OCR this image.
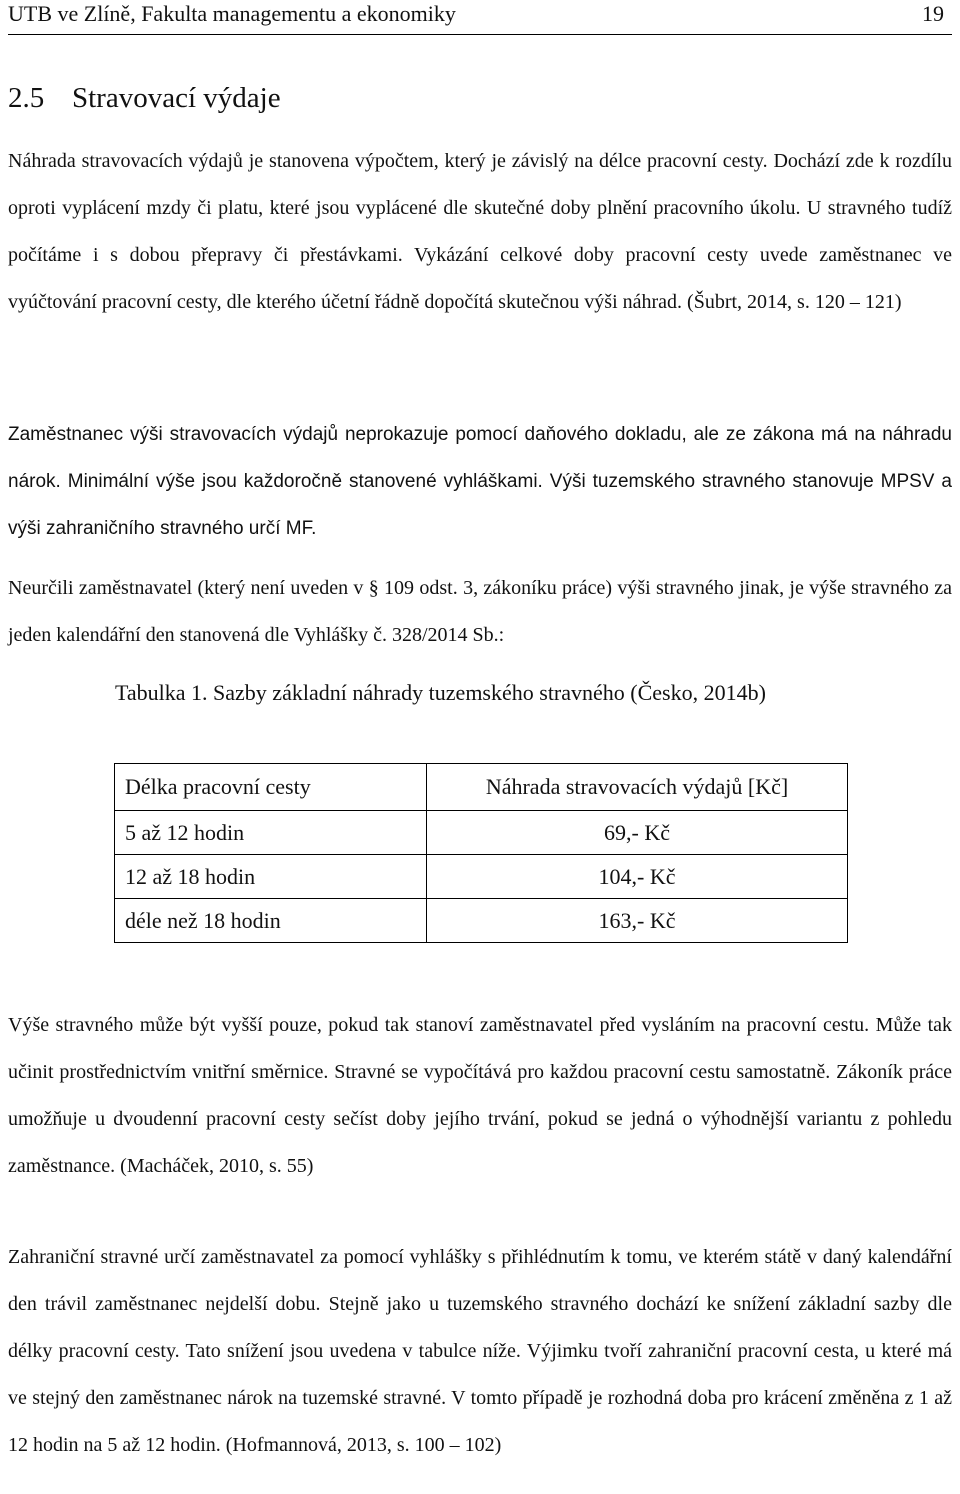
UTB ve Zlíně, Fakulta managementu a ekonomiky	19
2.5 Stravovací výdaje

Náhrada stravovacích výdajů je stanovena výpočtem, který je závislý na délce pracovní cesty. Dochází zde k rozdílu oproti vyplácení mzdy či platu, které jsou vyplácené dle skutečné doby plnění pracovního úkolu. U stravného tudíž počítáme i s dobou přepravy či přestávkami. Vykázání celkové doby pracovní cesty uvede zaměstnanec ve vyúčtování pracovní cesty, dle kterého účetní řádně dopočítá skutečnou výši náhrad. (Šubrt, 2014, s. 120 – 121)

Zaměstnanec výši stravovacích výdajů neprokazuje pomocí daňového dokladu, ale ze zákona má na náhradu nárok. Minimální výše jsou každoročně stanovené vyhláškami. Výši tuzemského stravného stanovuje MPSV a výši zahraničního stravného určí MF.

Neurčili zaměstnavatel (který není uveden v § 109 odst. 3, zákoníku práce) výši stravného jinak, je výše stravného za jeden kalendářní den stanovená dle Vyhlášky č. 328/2014 Sb.:

Tabulka 1. Sazby základní náhrady tuzemského stravného (Česko, 2014b)

Délka pracovní cesty	Náhrada stravovacích výdajů [Kč]
5 až 12 hodin	69,- Kč
12 až 18 hodin	104,- Kč
déle než 18 hodin	163,- Kč

Výše stravného může být vyšší pouze, pokud tak stanoví zaměstnavatel před vysláním na pracovní cestu. Může tak učinit prostřednictvím vnitřní směrnice. Stravné se vypočítává pro každou pracovní cestu samostatně. Zákoník práce umožňuje u dvoudenní pracovní cesty sečíst doby jejího trvání, pokud se jedná o výhodnější variantu z pohledu zaměstnance. (Macháček, 2010, s. 55)

Zahraniční stravné určí zaměstnavatel za pomocí vyhlášky s přihlédnutím k tomu, ve kterém státě v daný kalendářní den trávil zaměstnanec nejdelší dobu. Stejně jako u tuzemského stravného dochází ke snížení základní sazby dle délky pracovní cesty. Tato snížení jsou uvedena v tabulce níže. Výjimku tvoří zahraniční pracovní cesta, u které má ve stejný den zaměstnanec nárok na tuzemské stravné. V tomto případě je rozhodná doba pro krácení změněna z 1 až 12 hodin na 5 až 12 hodin. (Hofmannová, 2013, s. 100 – 102)
